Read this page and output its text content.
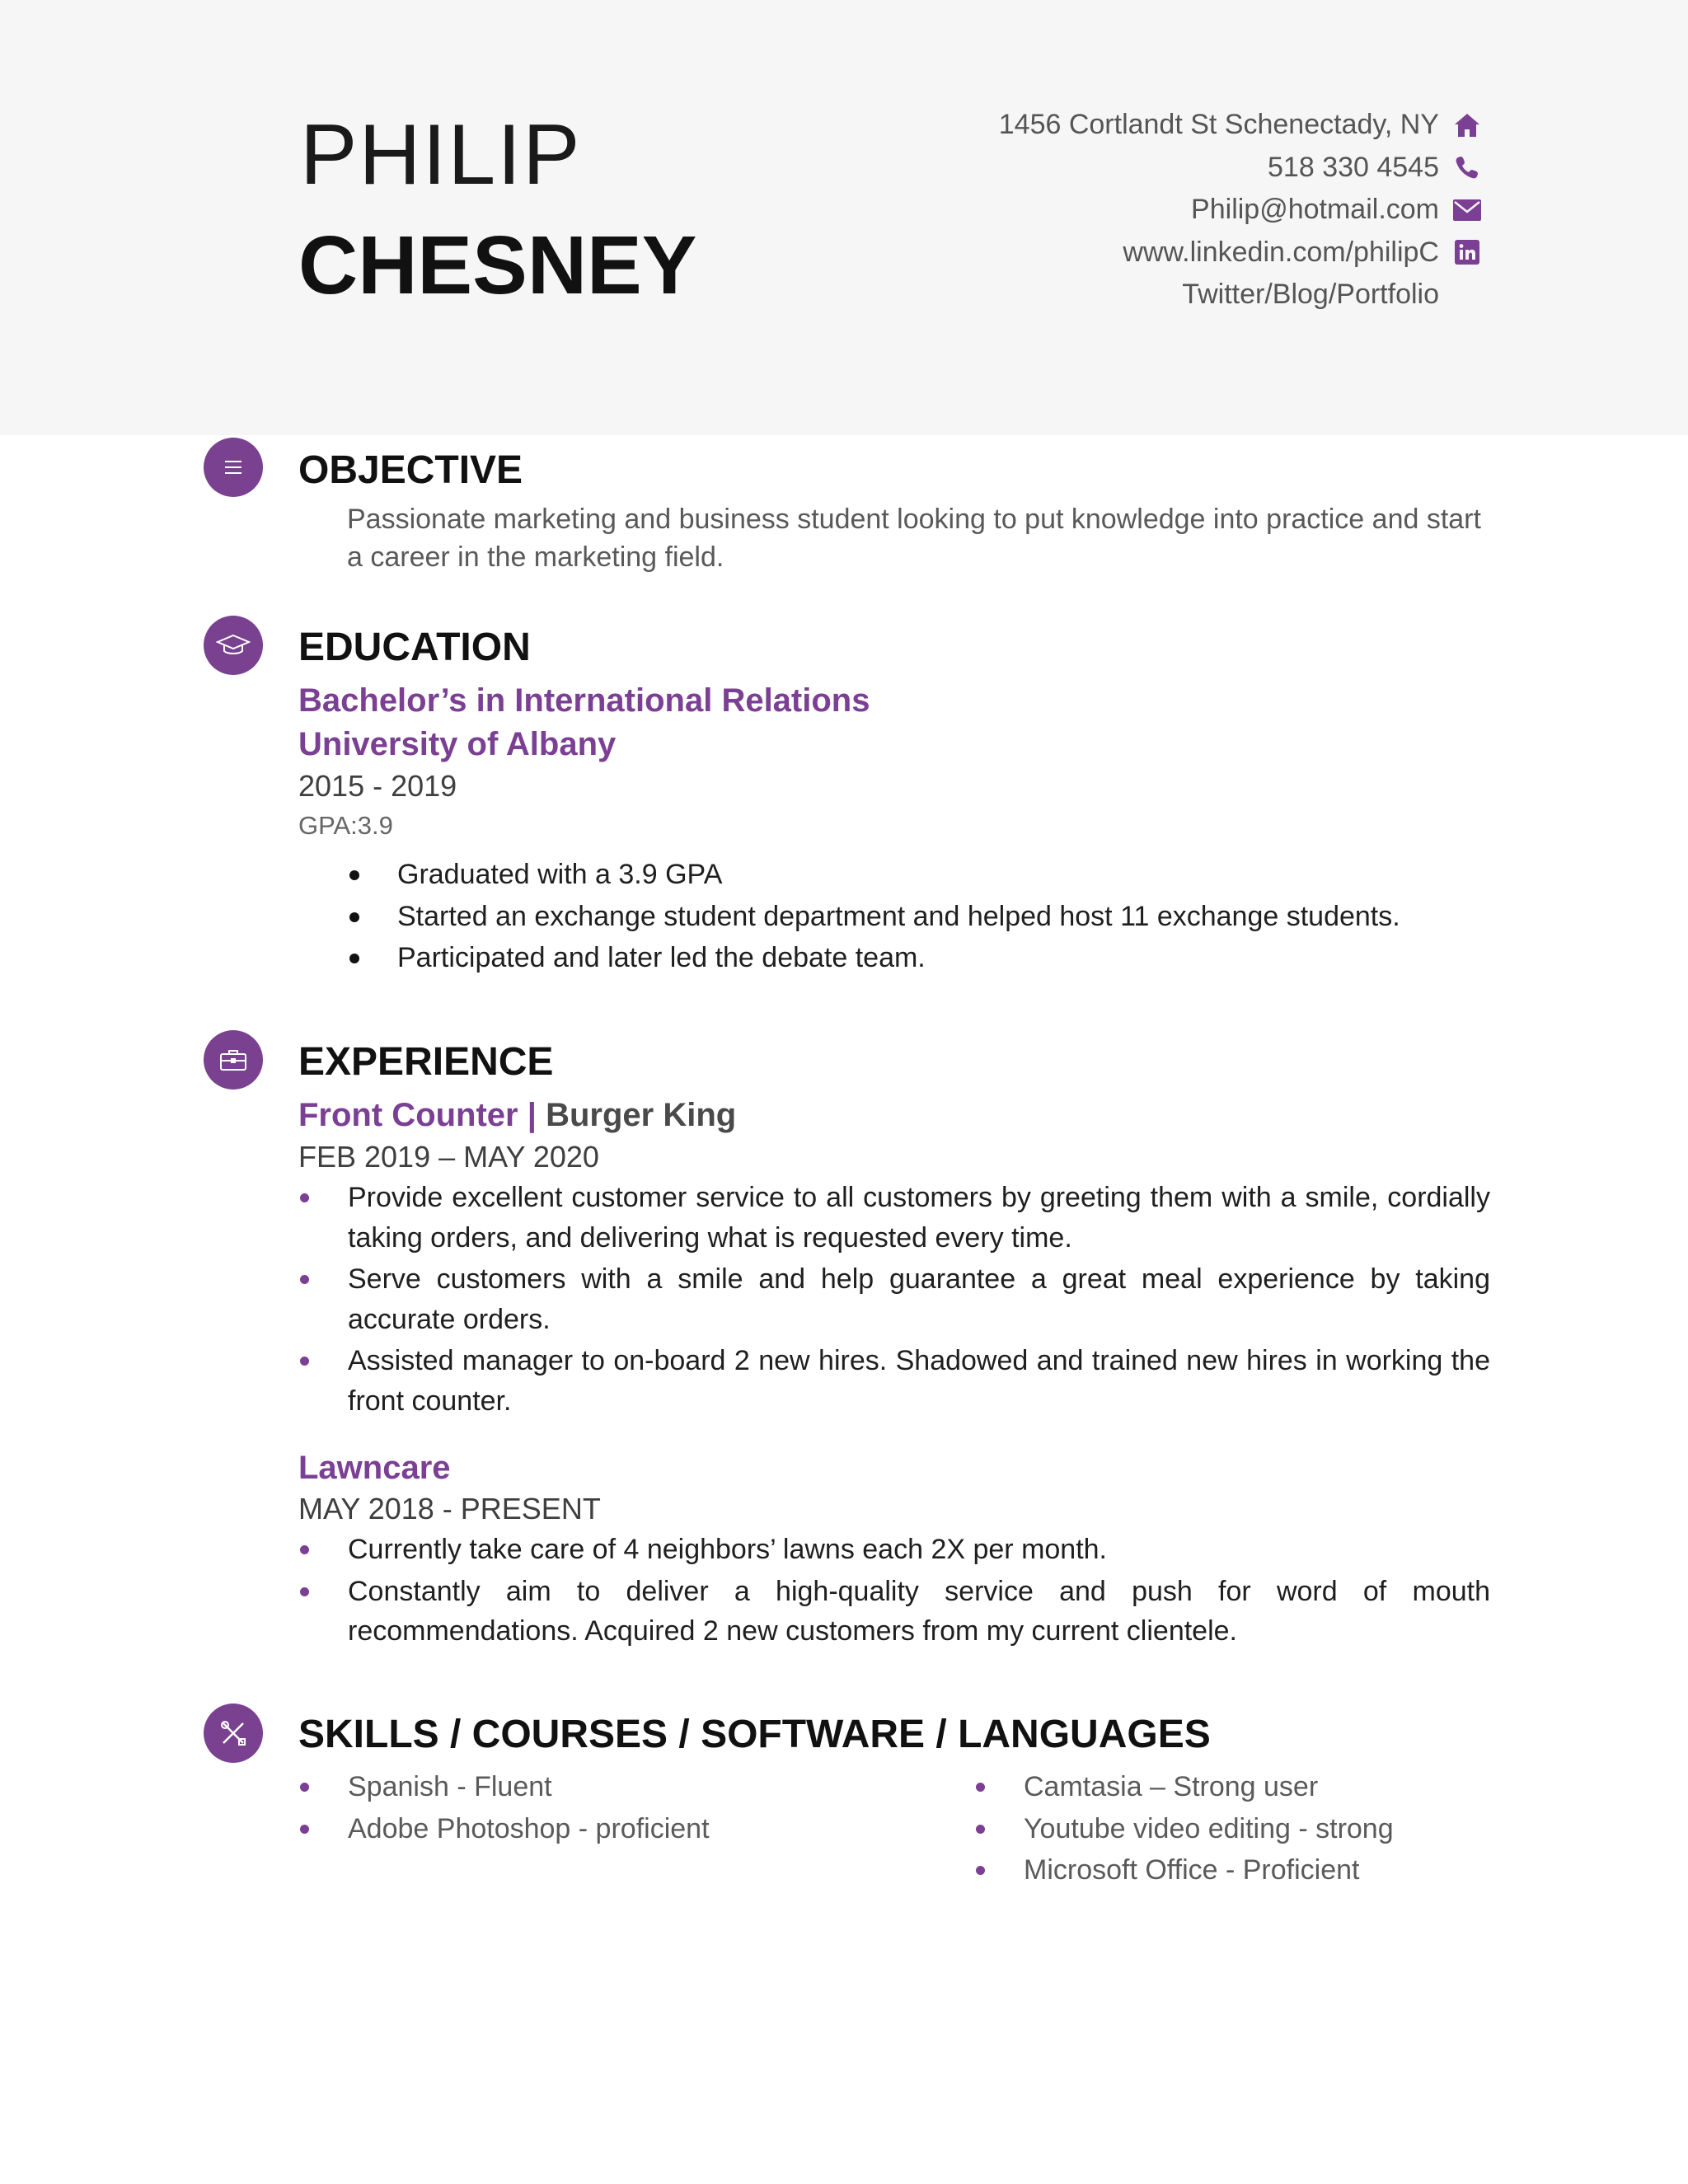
PHILIP
CHESNEY
1456 Cortlandt St Schenectady, NY
518 330 4545
Philip@hotmail.com
www.linkedin.com/philipC
Twitter/Blog/Portfolio
OBJECTIVE
Passionate marketing and business student looking to put knowledge into practice and start a career in the marketing field.
EDUCATION
Bachelor’s in International Relations
University of Albany
2015 - 2019
GPA:3.9
Graduated with a 3.9 GPA
Started an exchange student department and helped host 11 exchange students.
Participated and later led the debate team.
EXPERIENCE
Front Counter | Burger King
FEB 2019 – MAY 2020
Provide excellent customer service to all customers by greeting them with a smile, cordially taking orders, and delivering what is requested every time.
Serve customers with a smile and help guarantee a great meal experience by taking accurate orders.
Assisted manager to on-board 2 new hires. Shadowed and trained new hires in working the front counter.
Lawncare
MAY 2018 - PRESENT
Currently take care of 4 neighbors’ lawns each 2X per month.
Constantly aim to deliver a high-quality service and push for word of mouth recommendations. Acquired 2 new customers from my current clientele.
SKILLS / COURSES / SOFTWARE / LANGUAGES
Spanish - Fluent
Adobe Photoshop - proficient
Camtasia – Strong user
Youtube video editing - strong
Microsoft Office - Proficient
